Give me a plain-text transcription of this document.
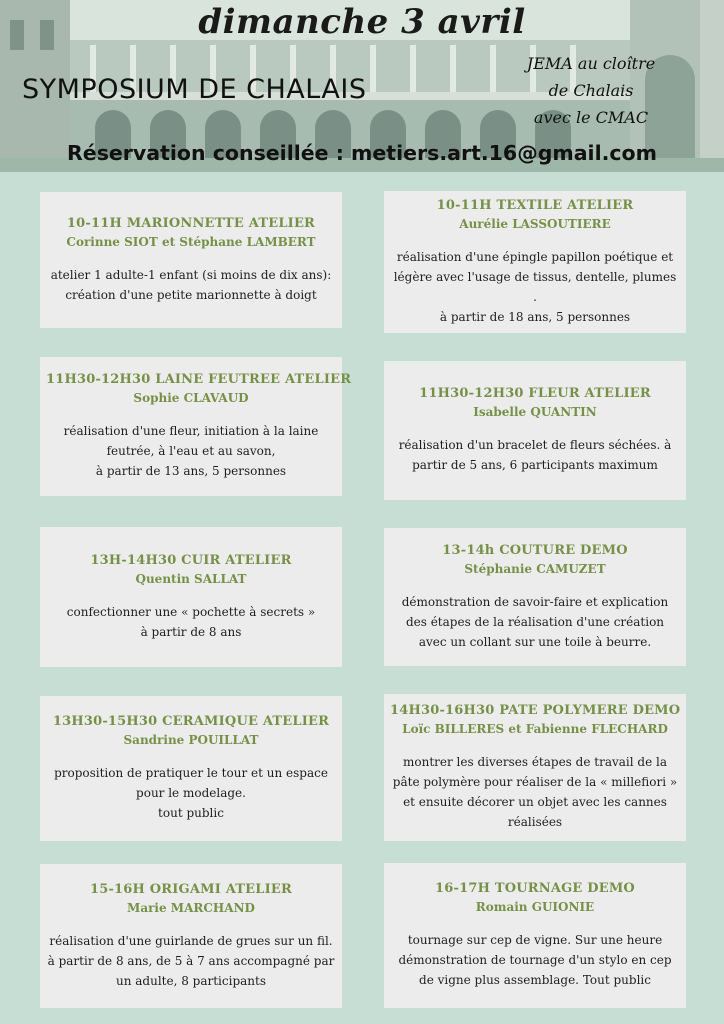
dimanche 3 avril
SYMPOSIUM DE CHALAIS
JEMA au cloître
de Chalais
avec le CMAC
Réservation conseillée : metiers.art.16@gmail.com
10-11H MARIONNETTE ATELIER
Corinne SIOT et Stéphane LAMBERT
atelier 1 adulte-1 enfant (si moins de dix ans):
création d'une petite marionnette à doigt
10-11H TEXTILE ATELIER
Aurélie LASSOUTIERE
réalisation d'une épingle papillon poétique et
légère avec l'usage de tissus, dentelle, plumes .
à partir de 18 ans, 5 personnes
11H30-12H30 LAINE FEUTREE ATELIER
Sophie CLAVAUD
réalisation d'une fleur, initiation à la laine
feutrée, à l'eau et au savon,
à partir de 13 ans, 5 personnes
11H30-12H30 FLEUR ATELIER
Isabelle QUANTIN
réalisation d'un bracelet de fleurs séchées. à
partir de 5 ans, 6 participants maximum
13H-14H30 CUIR ATELIER
Quentin SALLAT
confectionner une « pochette à secrets »
à partir de 8 ans
13-14h COUTURE DEMO
Stéphanie CAMUZET
démonstration de savoir-faire et explication
des étapes de la réalisation d'une création
avec un collant sur une toile à beurre.
13H30-15H30 CERAMIQUE ATELIER
Sandrine POUILLAT
proposition de pratiquer le tour et un espace
pour le modelage.
tout public
14H30-16H30 PATE POLYMERE DEMO
Loïc BILLERES et Fabienne FLECHARD
montrer les diverses étapes de travail de la
pâte polymère pour réaliser de la « millefiori »
et ensuite décorer un objet avec les cannes
réalisées
15-16H ORIGAMI ATELIER
Marie MARCHAND
réalisation d'une guirlande de grues sur un fil.
à partir de 8 ans, de 5 à 7 ans accompagné par
un adulte, 8 participants
16-17H TOURNAGE DEMO
Romain GUIONIE
tournage sur cep de vigne. Sur une heure
démonstration de tournage d'un stylo en cep
de vigne plus assemblage. Tout public
